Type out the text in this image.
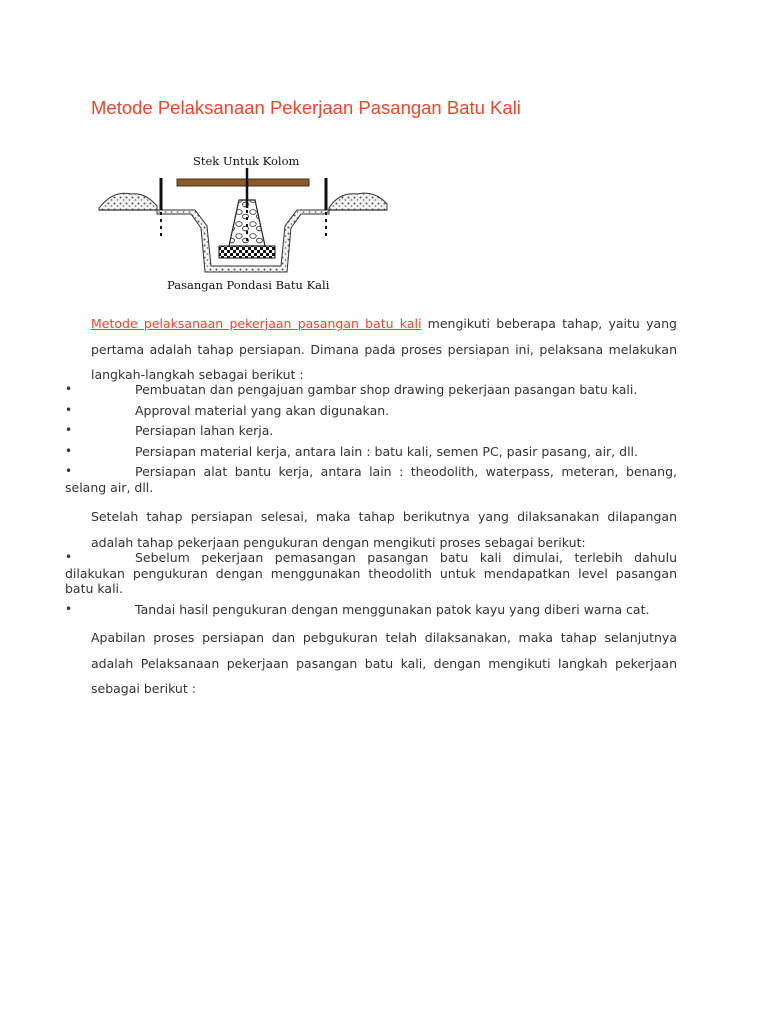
Metode Pelaksanaan Pekerjaan Pasangan Batu Kali
Stek Untuk Kolom
Pasangan Pondasi Batu Kali

Metode pelaksanaan pekerjaan pasangan batu kali mengikuti beberapa tahap, yaitu yang pertama adalah tahap persiapan. Dimana pada proses persiapan ini, pelaksana melakukan langkah-langkah sebagai berikut :

•	Pembuatan dan pengajuan gambar shop drawing pekerjaan pasangan batu kali.
•	Approval material yang akan digunakan.
•	Persiapan lahan kerja.
•	Persiapan material kerja, antara lain : batu kali, semen PC, pasir pasang, air, dll.
•	Persiapan alat bantu kerja, antara lain : theodolith, waterpass, meteran, benang, selang air, dll.

Setelah tahap persiapan selesai, maka tahap berikutnya yang dilaksanakan dilapangan adalah tahap pekerjaan pengukuran dengan mengikuti proses sebagai berikut:

•	Sebelum pekerjaan pemasangan pasangan batu kali dimulai, terlebih dahulu dilakukan pengukuran dengan menggunakan theodolith untuk mendapatkan level pasangan batu kali.
•	Tandai hasil pengukuran dengan menggunakan patok kayu yang diberi warna cat.

Apabilan proses persiapan dan pebgukuran telah dilaksanakan, maka tahap selanjutnya adalah Pelaksanaan pekerjaan pasangan batu kali, dengan mengikuti langkah pekerjaan sebagai berikut :
